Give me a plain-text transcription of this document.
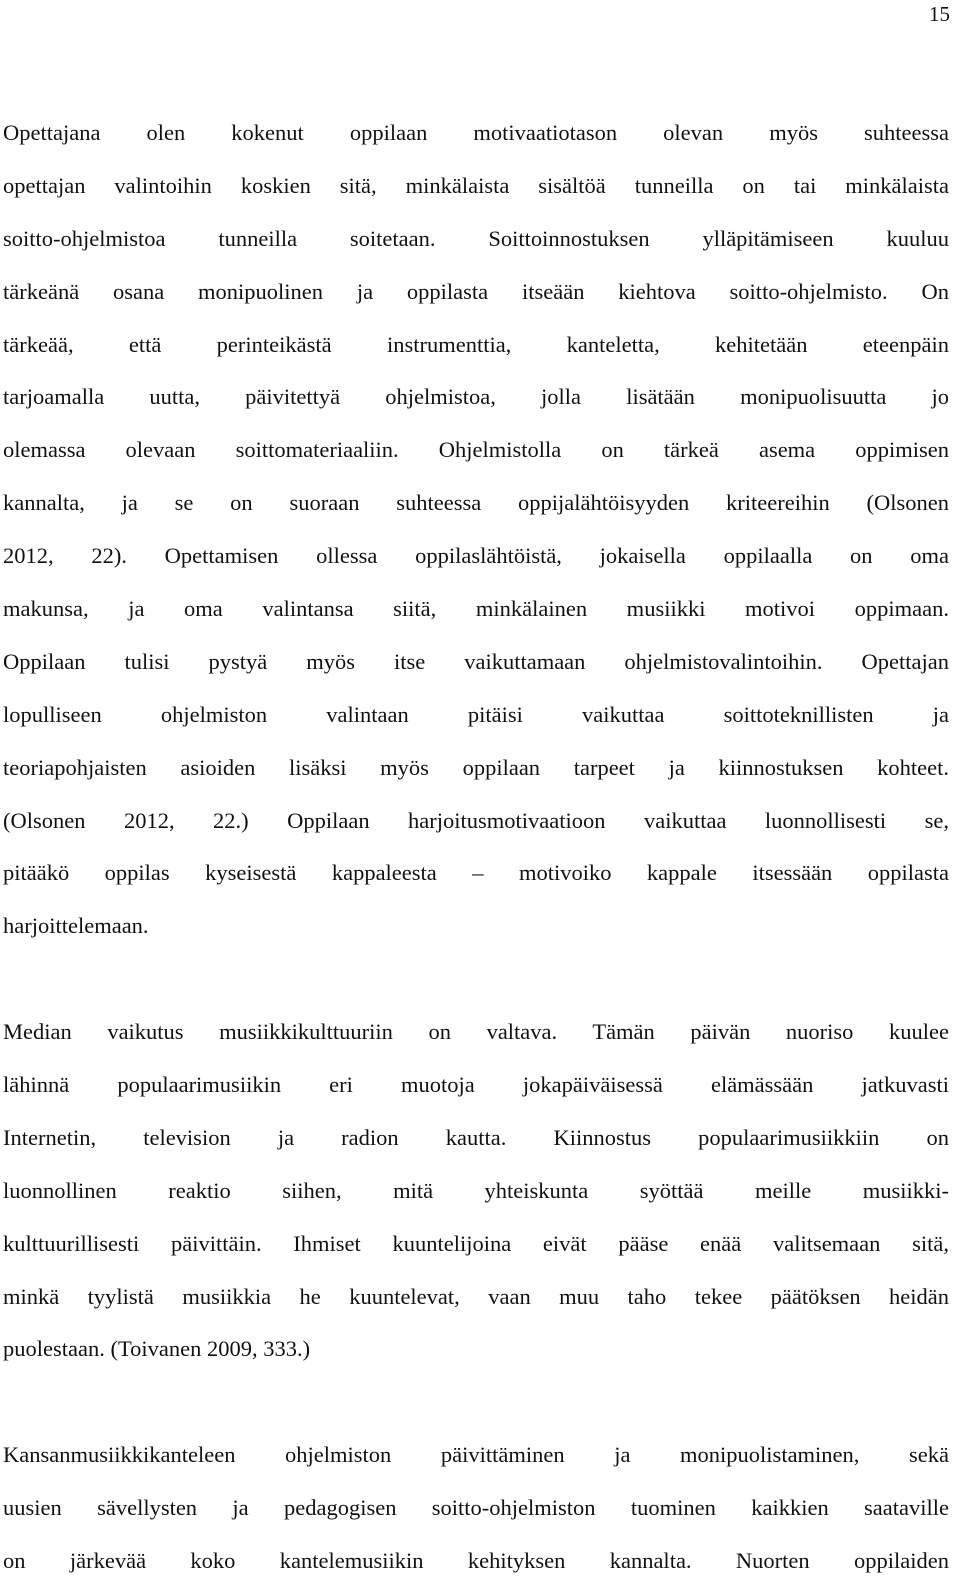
15
Opettajana olen kokenut oppilaan motivaatiotason olevan myös suhteessa
opettajan valintoihin koskien sitä, minkälaista sisältöä tunneilla on tai minkälaista
soitto-ohjelmistoa tunneilla soitetaan. Soittoinnostuksen ylläpitämiseen kuuluu
tärkeänä osana monipuolinen ja oppilasta itseään kiehtova soitto-ohjelmisto. On
tärkeää, että perinteikästä instrumenttia, kanteletta, kehitetään eteenpäin
tarjoamalla uutta, päivitettyä ohjelmistoa, jolla lisätään monipuolisuutta jo
olemassa olevaan soittomateriaaliin. Ohjelmistolla on tärkeä asema oppimisen
kannalta, ja se on suoraan suhteessa oppijalähtöisyyden kriteereihin (Olsonen
2012, 22). Opettamisen ollessa oppilaslähtöistä, jokaisella oppilaalla on oma
makunsa, ja oma valintansa siitä, minkälainen musiikki motivoi oppimaan.
Oppilaan tulisi pystyä myös itse vaikuttamaan ohjelmistovalintoihin. Opettajan
lopulliseen ohjelmiston valintaan pitäisi vaikuttaa soittoteknillisten ja
teoriapohjaisten asioiden lisäksi myös oppilaan tarpeet ja kiinnostuksen kohteet.
(Olsonen 2012, 22.) Oppilaan harjoitusmotivaatioon vaikuttaa luonnollisesti se,
pitääkö oppilas kyseisestä kappaleesta – motivoiko kappale itsessään oppilasta
harjoittelemaan.
Median vaikutus musiikkikulttuuriin on valtava. Tämän päivän nuoriso kuulee
lähinnä populaarimusiikin eri muotoja jokapäiväisessä elämässään jatkuvasti
Internetin, television ja radion kautta. Kiinnostus populaarimusiikkiin on
luonnollinen reaktio siihen, mitä yhteiskunta syöttää meille musiikki-
kulttuurillisesti päivittäin. Ihmiset kuuntelijoina eivät pääse enää valitsemaan sitä,
minkä tyylistä musiikkia he kuuntelevat, vaan muu taho tekee päätöksen heidän
puolestaan. (Toivanen 2009, 333.)
Kansanmusiikkikanteleen ohjelmiston päivittäminen ja monipuolistaminen, sekä
uusien sävellysten ja pedagogisen soitto-ohjelmiston tuominen kaikkien saataville
on järkevää koko kantelemusiikin kehityksen kannalta. Nuorten oppilaiden
